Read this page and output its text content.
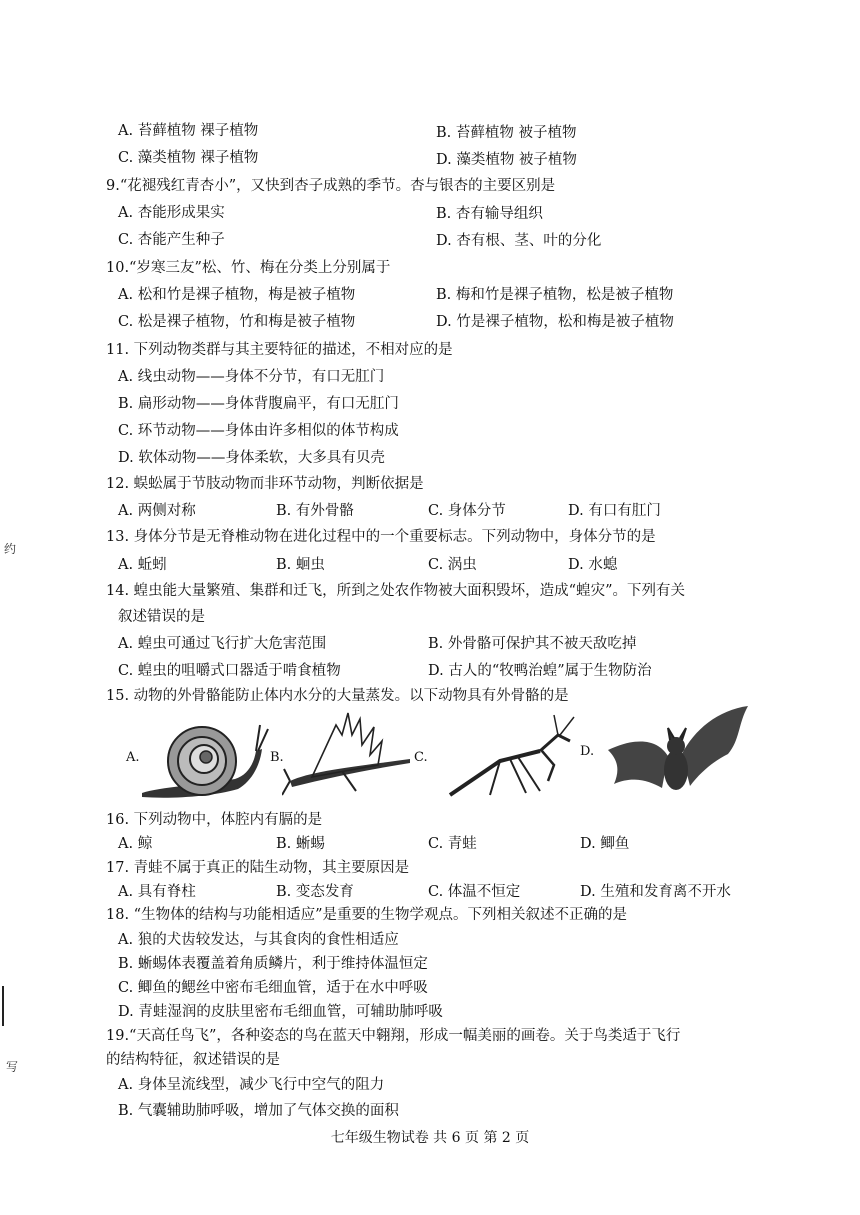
A. 苔藓植物 裸子植物	B. 苔藓植物 被子植物
C. 藻类植物 裸子植物	D. 藻类植物 被子植物
9.“花褪残红青杏小”，又快到杏子成熟的季节。杏与银杏的主要区别是
A. 杏能形成果实	B. 杏有输导组织
C. 杏能产生种子	D. 杏有根、茎、叶的分化
10.“岁寒三友”松、竹、梅在分类上分别属于
A. 松和竹是裸子植物，梅是被子植物	B. 梅和竹是裸子植物，松是被子植物
C. 松是裸子植物，竹和梅是被子植物	D. 竹是裸子植物，松和梅是被子植物
11. 下列动物类群与其主要特征的描述，不相对应的是
A. 线虫动物——身体不分节，有口无肛门
B. 扁形动物——身体背腹扁平，有口无肛门
C. 环节动物——身体由许多相似的体节构成
D. 软体动物——身体柔软，大多具有贝壳
12. 蜈蚣属于节肢动物而非环节动物，判断依据是
A. 两侧对称	B. 有外骨骼	C. 身体分节	D. 有口有肛门
13. 身体分节是无脊椎动物在进化过程中的一个重要标志。下列动物中，身体分节的是
A. 蚯蚓	B. 蛔虫	C. 涡虫	D. 水螅
14. 蝗虫能大量繁殖、集群和迁飞，所到之处农作物被大面积毁坏，造成“蝗灾”。下列有关
叙述错误的是
A. 蝗虫可通过飞行扩大危害范围	B. 外骨骼可保护其不被天敌吃掉
C. 蝗虫的咀嚼式口器适于啃食植物	D. 古人的“牧鸭治蝗”属于生物防治
15. 动物的外骨骼能防止体内水分的大量蒸发。以下动物具有外骨骼的是
A.	B.	C.	D.
16. 下列动物中，体腔内有膈的是
A. 鲸	B. 蜥蜴	C. 青蛙	D. 鲫鱼
17. 青蛙不属于真正的陆生动物，其主要原因是
A. 具有脊柱	B. 变态发育	C. 体温不恒定	D. 生殖和发育离不开水
18. “生物体的结构与功能相适应”是重要的生物学观点。下列相关叙述不正确的是
A. 狼的犬齿较发达，与其食肉的食性相适应
B. 蜥蜴体表覆盖着角质鳞片，利于维持体温恒定
C. 鲫鱼的鳃丝中密布毛细血管，适于在水中呼吸
D. 青蛙湿润的皮肤里密布毛细血管，可辅助肺呼吸
19.“天高任鸟飞”，各种姿态的鸟在蓝天中翱翔，形成一幅美丽的画卷。关于鸟类适于飞行
的结构特征，叙述错误的是
A. 身体呈流线型，减少飞行中空气的阻力
B. 气囊辅助肺呼吸，增加了气体交换的面积
约
写
七年级生物试卷 共 6 页 第 2 页
